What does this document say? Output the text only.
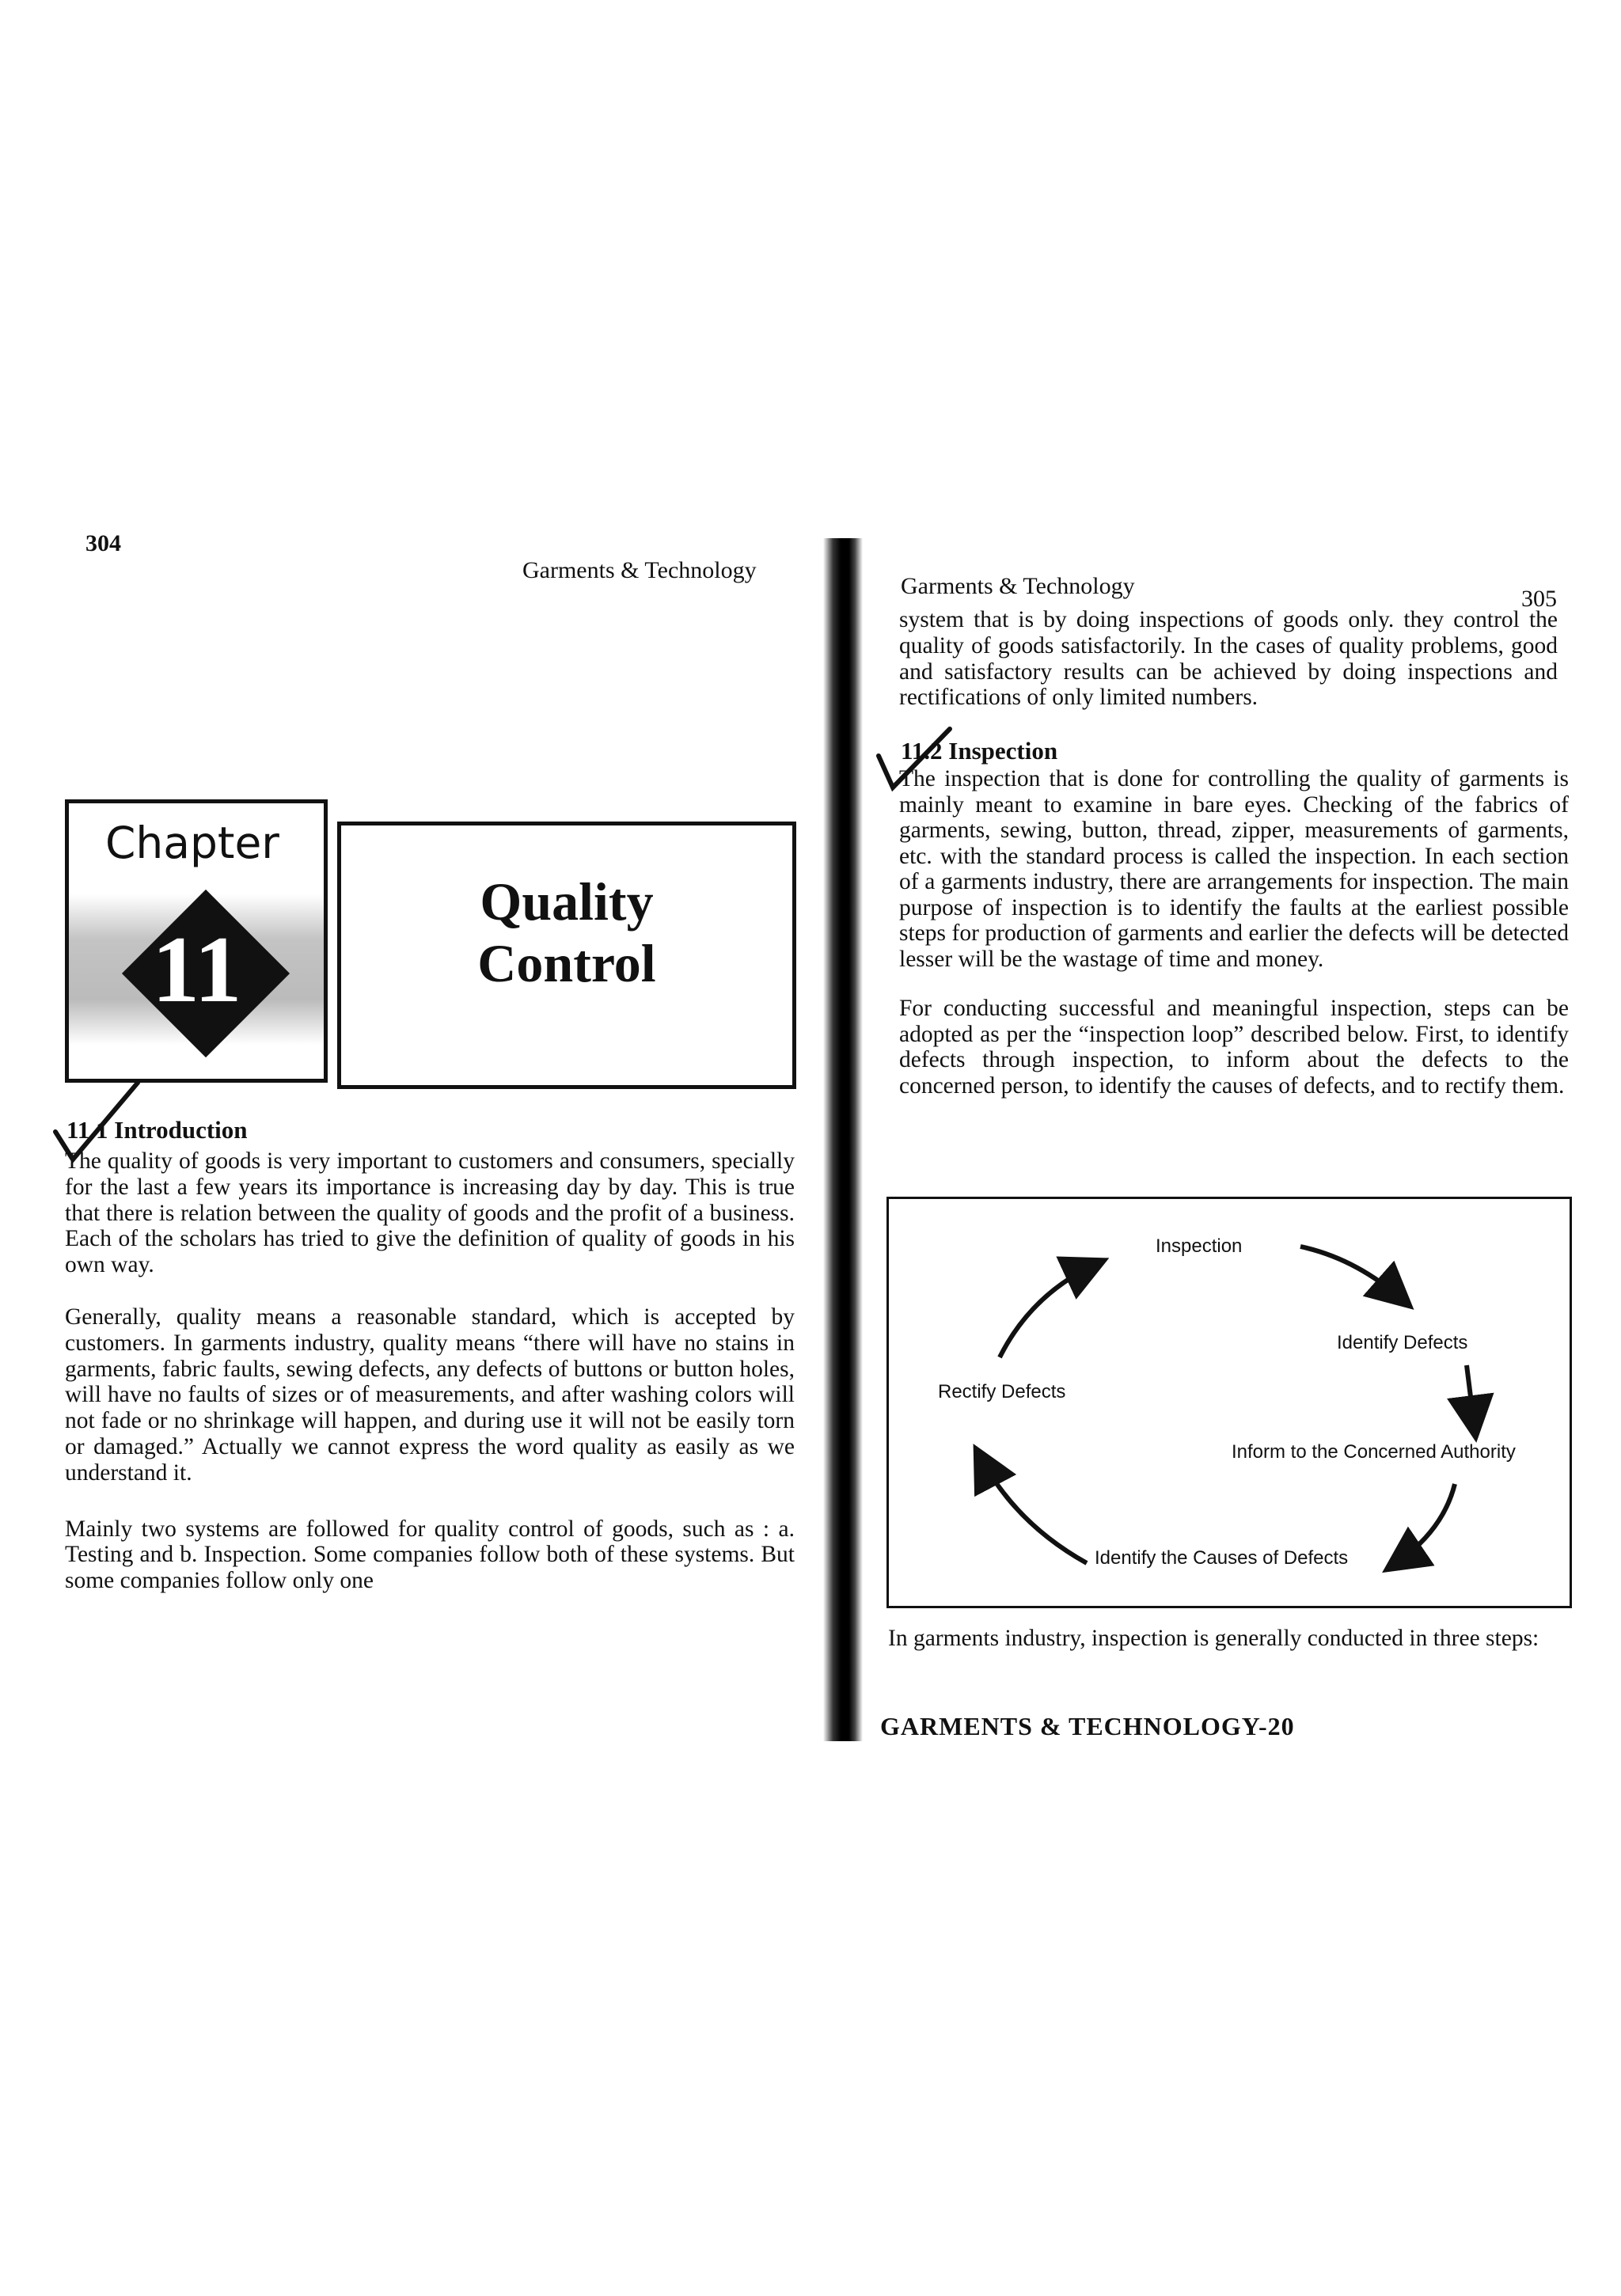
304
Garments & Technology
Chapter
11
Quality
Control
11.1 Introduction

The quality of goods is very important to customers and consumers, specially for the last a few years its importance is increasing day by day. This is true that there is relation between the quality of goods and the profit of a business. Each of the scholars has tried to give the definition of quality of goods in his own way.

Generally, quality means a reasonable standard, which is accepted by customers. In garments industry, quality means “there will have no stains in garments, fabric faults, sewing defects, any defects of buttons or button holes, will have no faults of sizes or of measurements, and after washing colors will not fade or no shrinkage will happen, and during use it will not be easily torn or damaged.” Actually we cannot express the word quality as easily as we understand it.

Mainly two systems are followed for quality control of goods, such as : a. Testing and b. Inspection. Some companies follow both of these systems. But some companies follow only one

Garments & Technology	305

system that is by doing inspections of goods only. they control the quality of goods satisfactorily. In the cases of quality problems, good and satisfactory results can be achieved by doing inspections and rectifications of only limited numbers.

11.2 Inspection

The inspection that is done for controlling the quality of garments is mainly meant to examine in bare eyes. Checking of the fabrics of garments, sewing, button, thread, zipper, measurements of garments, etc. with the standard process is called the inspection. In each section of a garments industry, there are arrangements for inspection. The main purpose of inspection is to identify the faults at the earliest possible steps for production of garments and earlier the defects will be detected lesser will be the wastage of time and money.

For conducting successful and meaningful inspection, steps can be adopted as per the “inspection loop” described below. First, to identify defects through inspection, to inform about the defects to the concerned person, to identify the causes of defects, and to rectify them.

Inspection
Identify Defects
Inform to the Concerned Authority
Identify the Causes of Defects
Rectify Defects

In garments industry, inspection is generally conducted in three steps:

GARMENTS & TECHNOLOGY-20
